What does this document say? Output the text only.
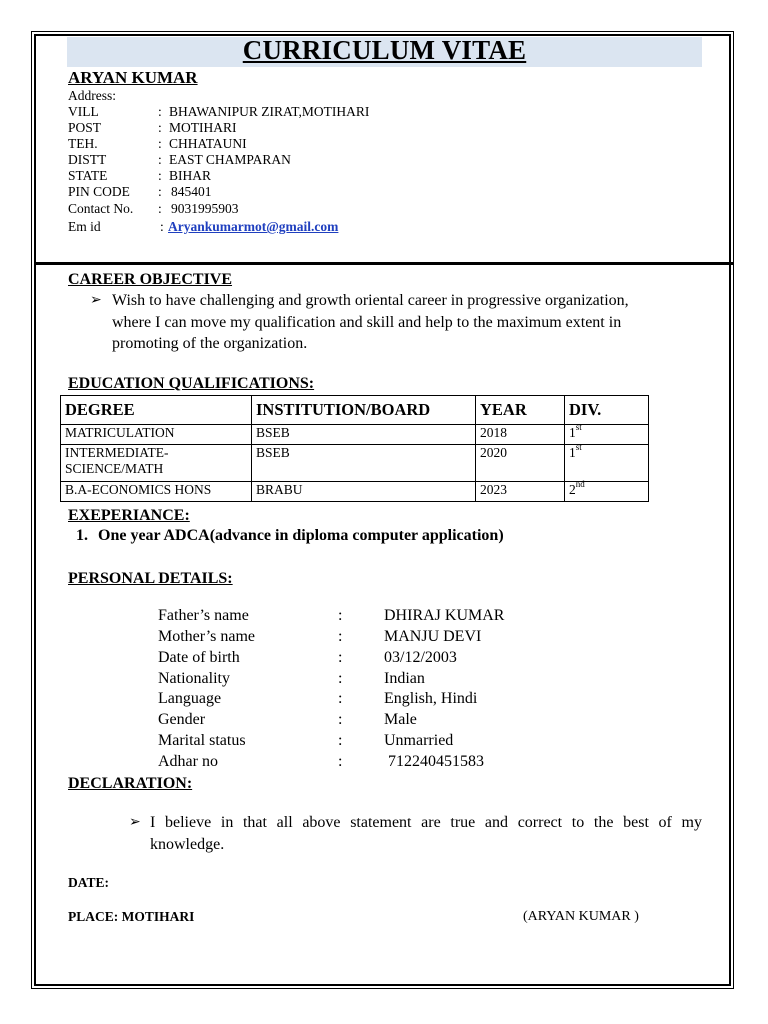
CURRICULUM VITAE
ARYAN KUMAR
Address:
VILL	: BHAWANIPUR ZIRAT,MOTIHARI
POST	: MOTIHARI
TEH.	: CHHATAUNI
DISTT	: EAST CHAMPARAN
STATE	: BIHAR
PIN CODE : 845401
Contact No. : 9031995903
Em id	: Aryankumarmot@gmail.com
CAREER OBJECTIVE
➢ Wish to have challenging and growth oriental career in progressive organization,
where I can move my qualification and skill and help to the maximum extent in
promoting of the organization.
EDUCATION QUALIFICATIONS:
DEGREE	INSTITUTION/BOARD	YEAR	DIV.
MATRICULATION	BSEB	2018	1st

INTERMEDIATE-
SCIENCE/MATH	BSEB	2020	1st
B.A-ECONOMICS HONS	BRABU	2023	2nd
EXEPERIANCE:
1. One year ADCA(advance in diploma computer application)
PERSONAL DETAILS:
Father’s name	:	DHIRAJ KUMAR
Mother’s name	:	MANJU DEVI
Date of birth	:	03/12/2003
Nationality	:	Indian
Language	:	English, Hindi
Gender	:	Male
Marital status	:	Unmarried
Adhar no	:	712240451583
DECLARATION:
➢ I believe in that all above statement are true and correct to the best of my
knowledge.
DATE:
PLACE: MOTIHARI	(ARYAN KUMAR )
